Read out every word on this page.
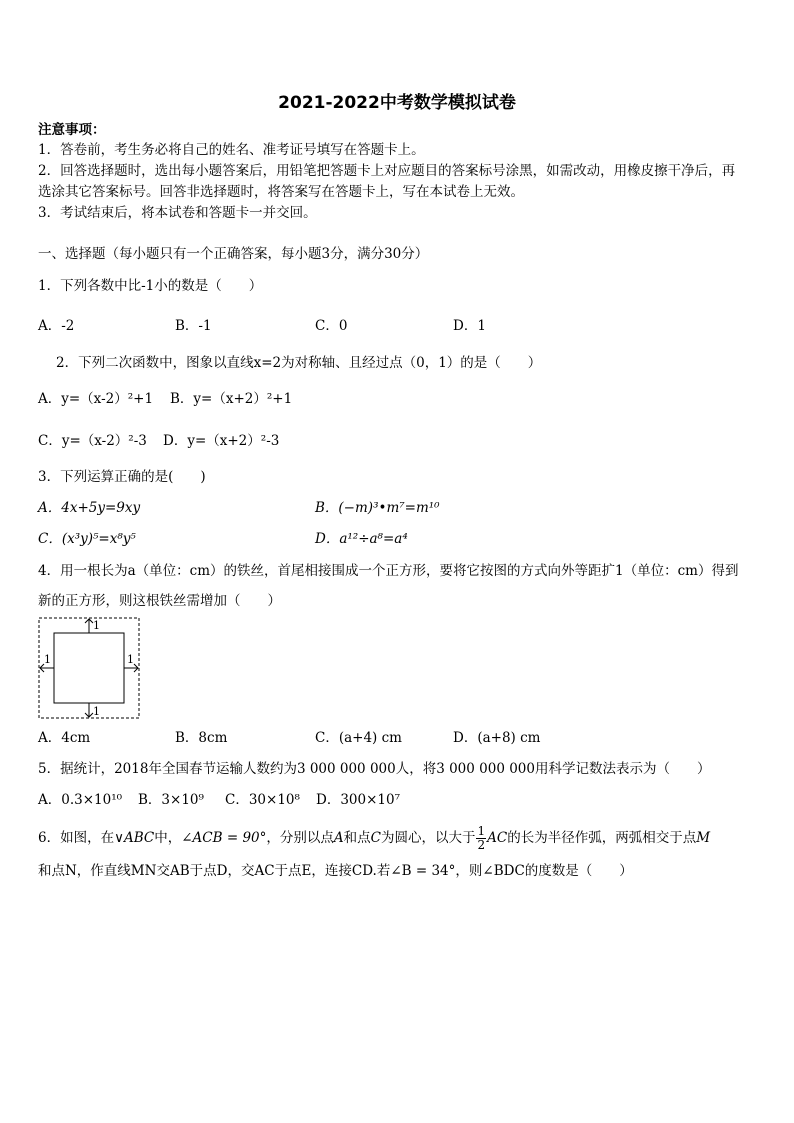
2021-2022中考数学模拟试卷
注意事项：
1．答卷前，考生务必将自己的姓名、准考证号填写在答题卡上。
2．回答选择题时，选出每小题答案后，用铅笔把答题卡上对应题目的答案标号涂黑，如需改动，用橡皮擦干净后，再
选涂其它答案标号。回答非选择题时，将答案写在答题卡上，写在本试卷上无效。
3．考试结束后，将本试卷和答题卡一并交回。
一、选择题（每小题只有一个正确答案，每小题3分，满分30分）
1．下列各数中比-1小的数是（　　）
A．-2	B．-1	C．0	D．1
2．下列二次函数中，图象以直线x=2为对称轴、且经过点（0，1）的是（　　）
A．y=（x-2）²+1 B．y=（x+2）²+1
C．y=（x-2）²-3 D．y=（x+2）²-3
3．下列运算正确的是(　　)
A．4x+5y=9xy	B．(−m)³•m⁷=m¹⁰
C．(x³y)⁵=x⁸y⁵	D．a¹²÷a⁸=a⁴
4．用一根长为a（单位：cm）的铁丝，首尾相接围成一个正方形，要将它按图的方式向外等距扩1（单位：cm）得到
新的正方形，则这根铁丝需增加（　　）
1
1
1	1
A．4cm	B．8cm	C．(a+4) cm	D．(a+8) cm
5．据统计，2018年全国春节运输人数约为3 000 000 000人，将3 000 000 000用科学记数法表示为（　　）
A．0.3×10¹⁰ B．3×10⁹ C．30×10⁸ D．300×10⁷
6．如图，在∨ABC中，∠ACB = 90°，分别以点A和点C为圆心，以大于 $\frac{1}{2}$ AC的长为半径作弧，两弧相交于点M
和点N，作直线MN交AB于点D，交AC于点E，连接CD.若∠B = 34°，则∠BDC的度数是（　　）
